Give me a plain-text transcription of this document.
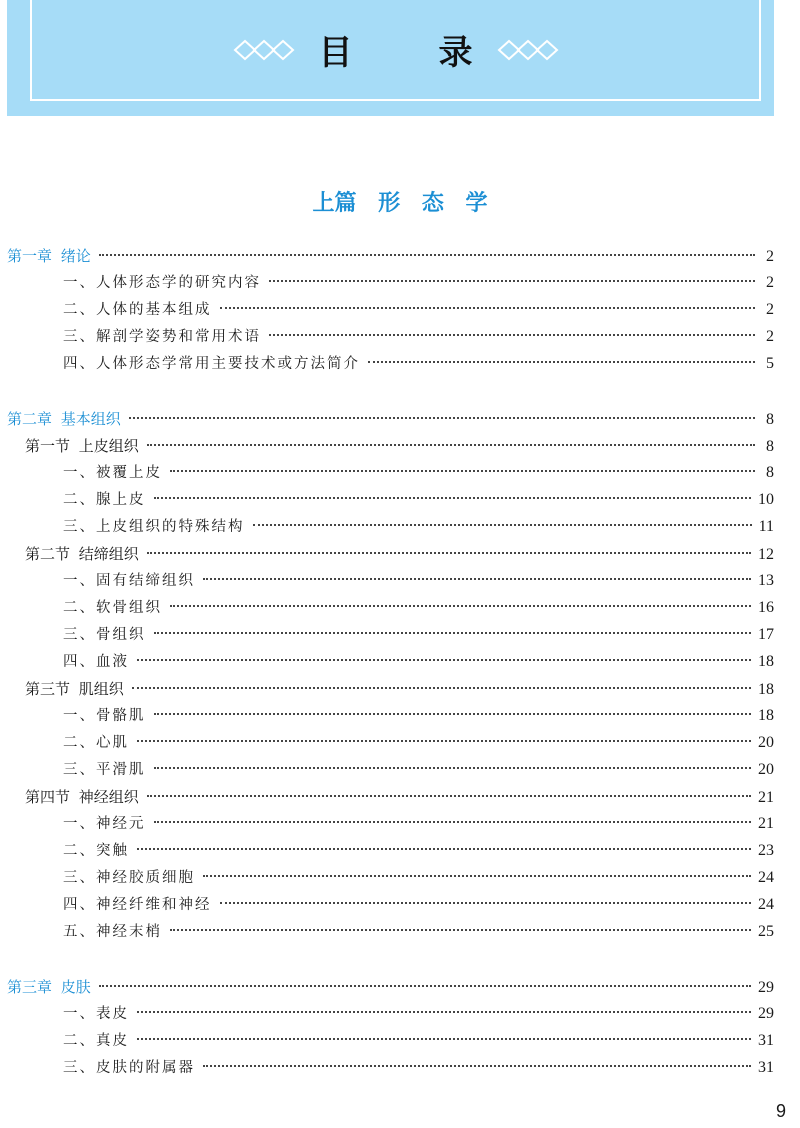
目录
上篇 形 态 学
第一章 绪论	2
一、人体形态学的研究内容	2
二、人体的基本组成	2
三、解剖学姿势和常用术语	2
四、人体形态学常用主要技术或方法简介	5
第二章 基本组织	8
第一节 上皮组织	8
一、被覆上皮	8
二、腺上皮	10
三、上皮组织的特殊结构	11
第二节 结缔组织	12
一、固有结缔组织	13
二、软骨组织	16
三、骨组织	17
四、血液	18
第三节 肌组织	18
一、骨骼肌	18
二、心肌	20
三、平滑肌	20
第四节 神经组织	21
一、神经元	21
二、突触	23
三、神经胶质细胞	24
四、神经纤维和神经	24
五、神经末梢	25
第三章 皮肤	29
一、表皮	29
二、真皮	31
三、皮肤的附属器	31
9
